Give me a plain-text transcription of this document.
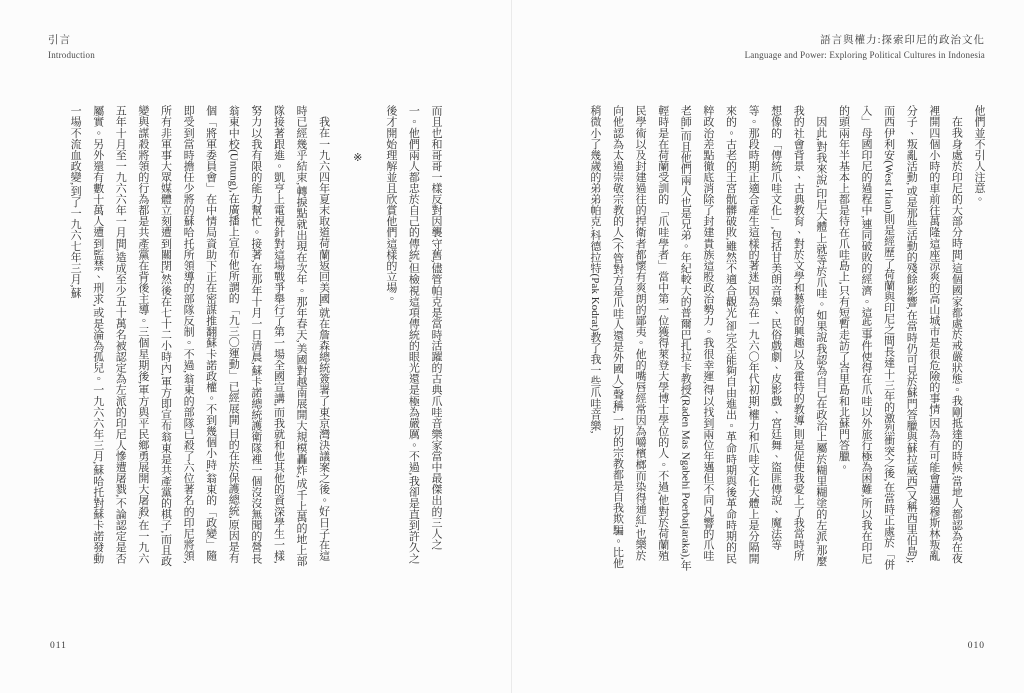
引言
Introduction

而且也和哥哥一樣反對因襲守舊,儘管帕克是當時活躍的古典爪哇音樂家當中最傑出的三人之一。他們兩人都忠於自己的傳統,但檢視這項傳統的眼光還是極為嚴厲。不過,我卻是直到許久之後才開始理解並且欣賞他們這樣的立場。

※

我在一九六四年夏末取道荷蘭返回美國,就在詹森總統簽署了東京灣決議案之後。好日子在這時已經幾乎結束,轉捩點就出現在次年。那年春天,美國對越南展開大規模轟炸,成千上萬的地上部隊接著跟進。凱亨上電視針對這場戰爭舉行了第一場全國宣講,而我就和他其他的資深學生一樣,努力以我有限的能力幫忙。接著,在那年十月一日清晨,蘇卡諾總統護衛隊裡一個沒沒無聞的營長翁東中校(Untung),在廣播上宣布他所謂的「九三〇運動」已經展開,目的在於保護總統,原因是有個「將軍委員會」在中情局資助下正在密謀推翻蘇卡諾政權。不到幾個小時,翁東的「政變」隨即受到當時擔任少將的蘇哈托所領導的部隊反制。不過,翁東的部隊已殺了六位著名的印尼將領,所有非軍事大眾媒體立刻遭到關閉,然後在七十二小時內,軍方即宣布翁東是共產黨的棋子,而且政變與謀殺將領的行為都是共產黨在背後主導。三個星期後,軍方與平民鄉勇展開大屠殺,在一九六五年十月至一九六六年一月間,造成至少五十萬名被認定為左派的印尼人慘遭屠戮,不論認定是否屬實。另外還有數十萬人遭到監禁、刑求,或是淪為孤兒。一九六六年三月,蘇哈托對蘇卡諾發動一場不流血政變,到了一九六七年三月,蘇

011
語言與權力:探索印尼的政治文化
Language and Power: Exploring Political Cultures in Indonesia

他們並不引人注意。

在我身處於印尼的大部分時間,這個國家都處於戒嚴狀態。我剛抵達的時候,當地人都認為在夜裡開四個小時的車前往萬隆這座涼爽的高山城市是很危險的事情,因為有可能會遭遇穆斯林叛亂分子、叛亂活動,或是那些活動的殘餘影響,在當時仍可見於蘇門答臘與蘇拉威西(又稱西里伯島);而西伊利安(West Irian)則是經歷了荷蘭與印尼之間長達十三年的激烈衝突之後,在當時正處於「併入」母國印尼的過程中,連同破敗的經濟。這些事件使得在爪哇以外旅行極為困難,所以我在印尼的頭兩年半基本上都是待在爪哇島上,只有短暫走訪了峇里島和北蘇門答臘。

因此,對我來說,印尼大體上就等於爪哇。如果說我認為自己在政治上屬於糊里糊塗的左派,那麼我的社會背景、古典教育、對於文學和藝術的興趣以及霍特的教導,則是促使我愛上了我當時所想像的「傳統爪哇文化」,包括甘美朗音樂、民俗戲劇、皮影戲、宮廷舞、盜匪傳說、魔法等等。那段時期正適合產生這樣的著迷,因為在一九六〇年代初期,權力和爪哇文化大體上是分隔開來的。古老的王宮骯髒破敗,雖然不適合觀光,卻完全能夠自由進出。革命時期與後革命時期的民粹政治差點徹底消除了封建貴族這股政治勢力。我很幸運,得以找到兩位年邁但不同凡響的爪哇老師,而且他們兩人也是兄弟。年紀較大的普爾巴扎拉卡教授(Raden Mas Ngabehi Poerbatjaraka),年輕時是在荷蘭受訓的「爪哇學者」當中第一位獲得萊登大學博士學位的人。不過,他對於荷蘭殖民學術以及封建過往的捍衛者都懷有爽朗的鄙夷。他的嘴唇經常因為嚼檳榔而染得通紅,也樂於向他認為太過崇敬宗教的人(不管對方是爪哇人還是外國人)聲稱,一切的宗教都是自我欺騙。比他稍微小了幾歲的弟弟帕克.科德拉特(Pak Kodrat)教了我一些爪哇音樂,

010
